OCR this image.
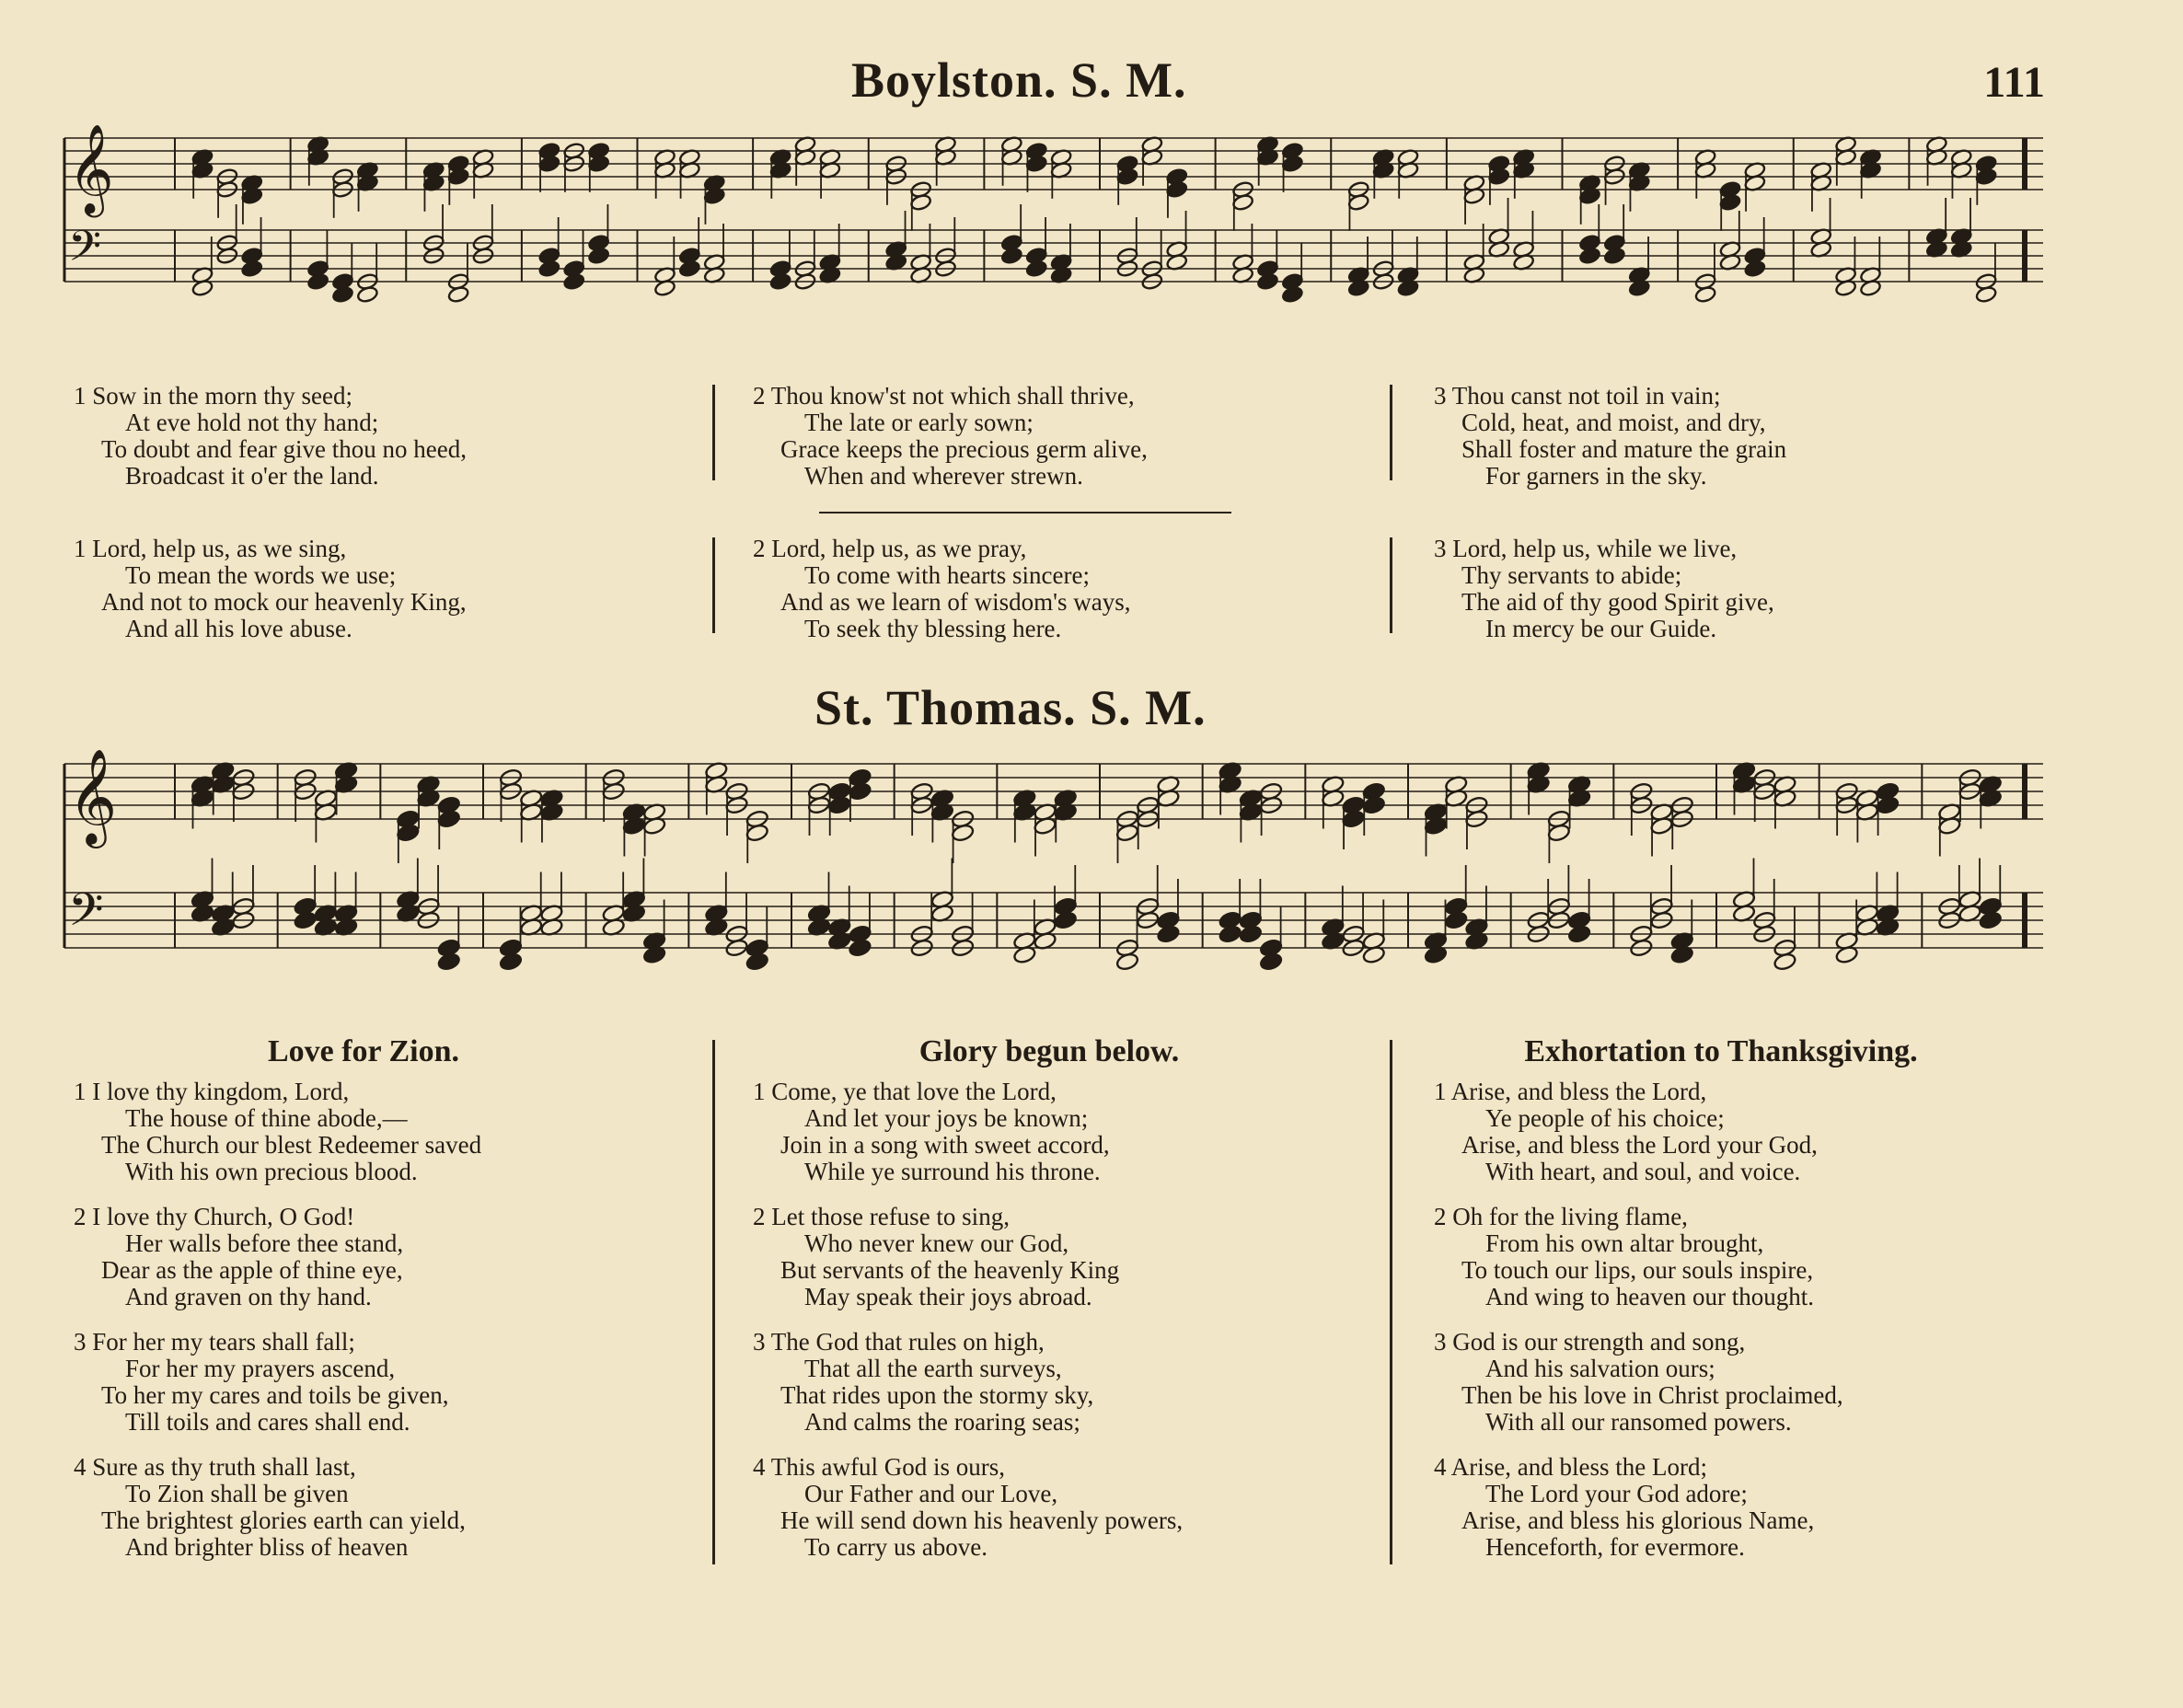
Boylston. S. M.	111
𝄞
𝄢
1 Sow in the morn thy seed;
At eve hold not thy hand;
To doubt and fear give thou no heed,
Broadcast it o'er the land.
2 Thou know'st not which shall thrive,
The late or early sown;
Grace keeps the precious germ alive,
When and wherever strewn.
3 Thou canst not toil in vain;
Cold, heat, and moist, and dry,
Shall foster and mature the grain
For garners in the sky.
1 Lord, help us, as we sing,
To mean the words we use;
And not to mock our heavenly King,
And all his love abuse.
2 Lord, help us, as we pray,
To come with hearts sincere;
And as we learn of wisdom's ways,
To seek thy blessing here.
3 Lord, help us, while we live,
Thy servants to abide;
The aid of thy good Spirit give,
In mercy be our Guide.
St. Thomas. S. M.
𝄞
𝄢
Love for Zion.	Glory begun below.	Exhortation to Thanksgiving.
1 I love thy kingdom, Lord,
The house of thine abode,—
The Church our blest Redeemer saved
With his own precious blood.
2 I love thy Church, O God!
Her walls before thee stand,
Dear as the apple of thine eye,
And graven on thy hand.
3 For her my tears shall fall;
For her my prayers ascend,
To her my cares and toils be given,
Till toils and cares shall end.
4 Sure as thy truth shall last,
To Zion shall be given
The brightest glories earth can yield,
And brighter bliss of heaven
1 Come, ye that love the Lord,
And let your joys be known;
Join in a song with sweet accord,
While ye surround his throne.
2 Let those refuse to sing,
Who never knew our God,
But servants of the heavenly King
May speak their joys abroad.
3 The God that rules on high,
That all the earth surveys,
That rides upon the stormy sky,
And calms the roaring seas;
4 This awful God is ours,
Our Father and our Love,
He will send down his heavenly powers,
To carry us above.
1 Arise, and bless the Lord,
Ye people of his choice;
Arise, and bless the Lord your God,
With heart, and soul, and voice.
2 Oh for the living flame,
From his own altar brought,
To touch our lips, our souls inspire,
And wing to heaven our thought.
3 God is our strength and song,
And his salvation ours;
Then be his love in Christ proclaimed,
With all our ransomed powers.
4 Arise, and bless the Lord;
The Lord your God adore;
Arise, and bless his glorious Name,
Henceforth, for evermore.
